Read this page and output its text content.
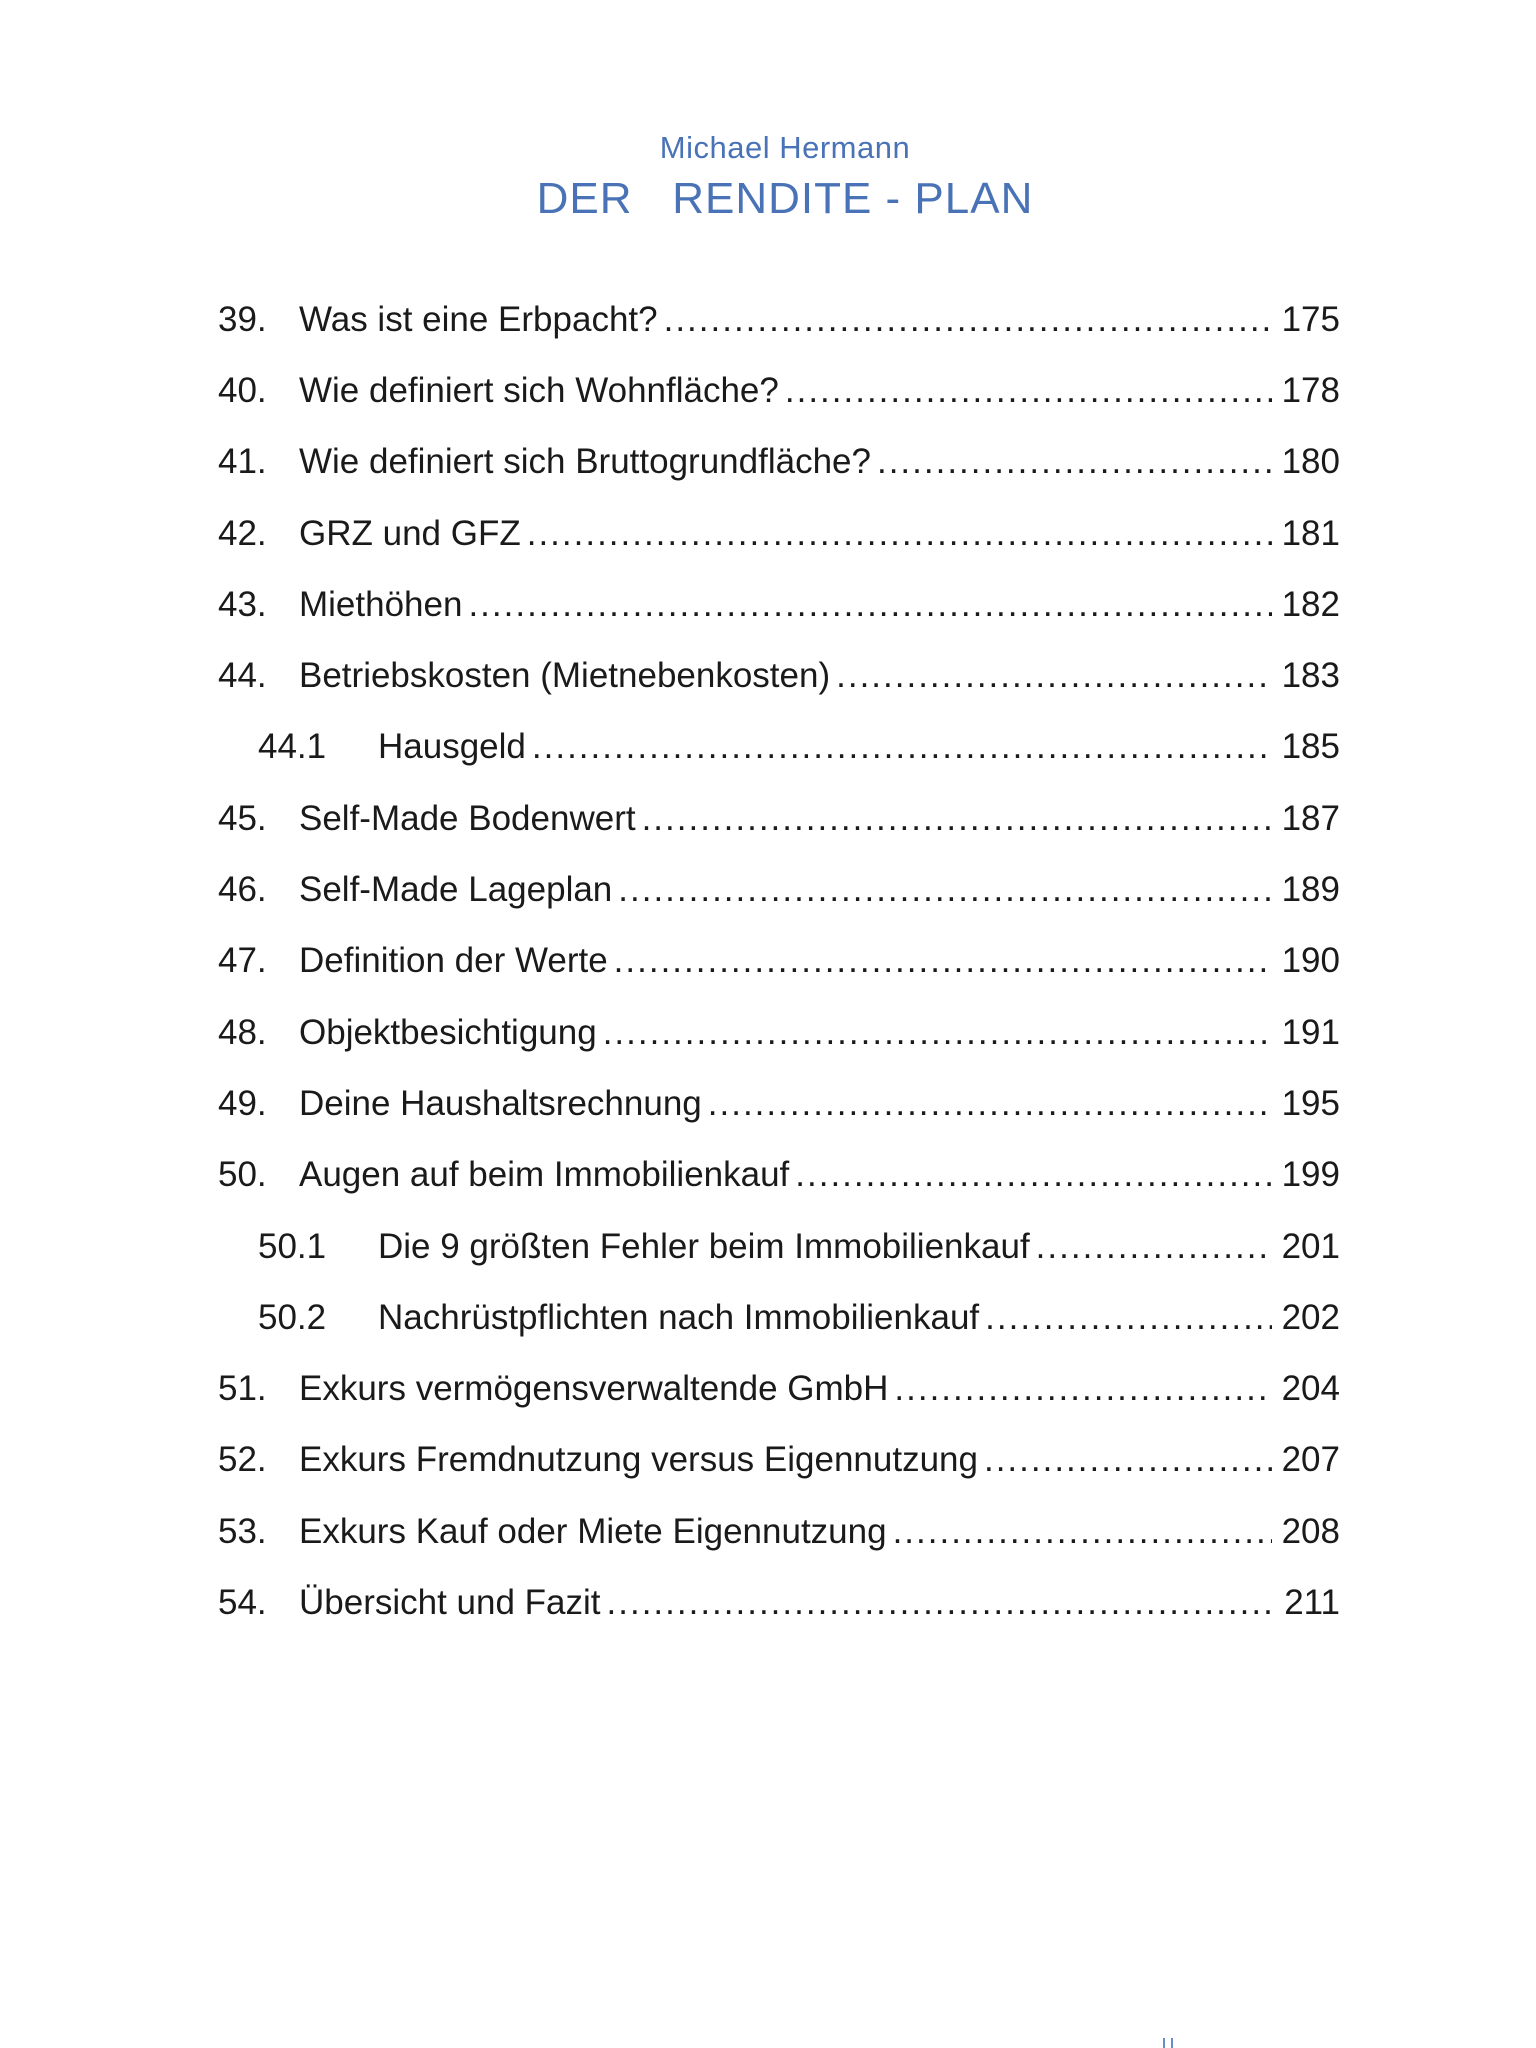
Michael Hermann
DER   RENDITE - PLAN
39. Was ist eine Erbpacht? .....	175
40. Wie definiert sich Wohnfläche? .....	178
41. Wie definiert sich Bruttogrundfläche? .....	180
42. GRZ und GFZ .....	181
43. Miethöhen .....	182
44. Betriebskosten (Mietnebenkosten) .....	183
44.1	Hausgeld .....	185
45. Self-Made Bodenwert .....	187
46. Self-Made Lageplan .....	189
47. Definition der Werte .....	190
48. Objektbesichtigung .....	191
49. Deine Haushaltsrechnung .....	195
50. Augen auf beim Immobilienkauf .....	199
50.1	Die 9 größten Fehler beim Immobilienkauf .....	201
50.2	Nachrüstpflichten nach Immobilienkauf .....	202
51. Exkurs vermögensverwaltende GmbH .....	204
52. Exkurs Fremdnutzung versus Eigennutzung .....	207
53. Exkurs Kauf oder Miete Eigennutzung .....	208
54. Übersicht und Fazit .....	211
